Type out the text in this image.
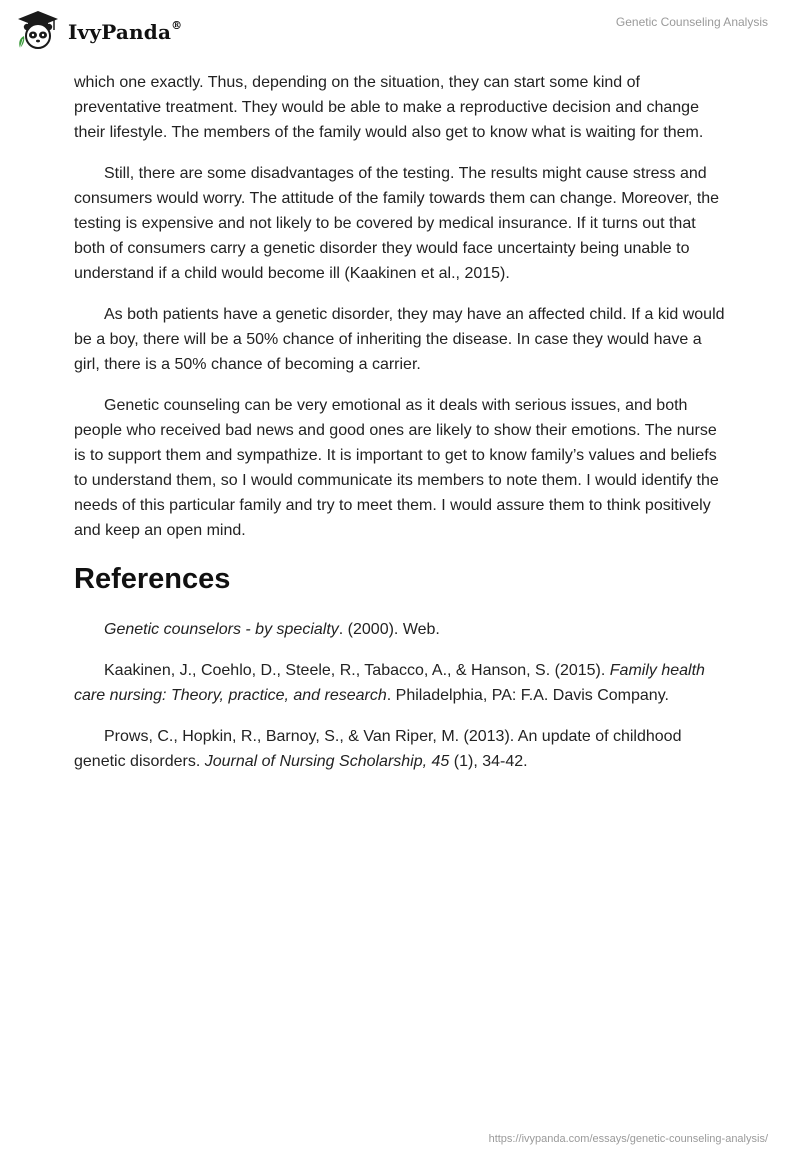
IvyPanda®	Genetic Counseling Analysis

which one exactly. Thus, depending on the situation, they can start some kind of preventative treatment. They would be able to make a reproductive decision and change their lifestyle. The members of the family would also get to know what is waiting for them.

Still, there are some disadvantages of the testing. The results might cause stress and consumers would worry. The attitude of the family towards them can change. Moreover, the testing is expensive and not likely to be covered by medical insurance. If it turns out that both of consumers carry a genetic disorder they would face uncertainty being unable to understand if a child would become ill (Kaakinen et al., 2015).

As both patients have a genetic disorder, they may have an affected child. If a kid would be a boy, there will be a 50% chance of inheriting the disease. In case they would have a girl, there is a 50% chance of becoming a carrier.

Genetic counseling can be very emotional as it deals with serious issues, and both people who received bad news and good ones are likely to show their emotions. The nurse is to support them and sympathize. It is important to get to know family’s values and beliefs to understand them, so I would communicate its members to note them. I would identify the needs of this particular family and try to meet them. I would assure them to think positively and keep an open mind.

References

Genetic counselors - by specialty. (2000). Web.

Kaakinen, J., Coehlo, D., Steele, R., Tabacco, A., & Hanson, S. (2015). Family health care nursing: Theory, practice, and research. Philadelphia, PA: F.A. Davis Company.

Prows, C., Hopkin, R., Barnoy, S., & Van Riper, M. (2013). An update of childhood genetic disorders. Journal of Nursing Scholarship, 45 (1), 34-42.

https://ivypanda.com/essays/genetic-counseling-analysis/
